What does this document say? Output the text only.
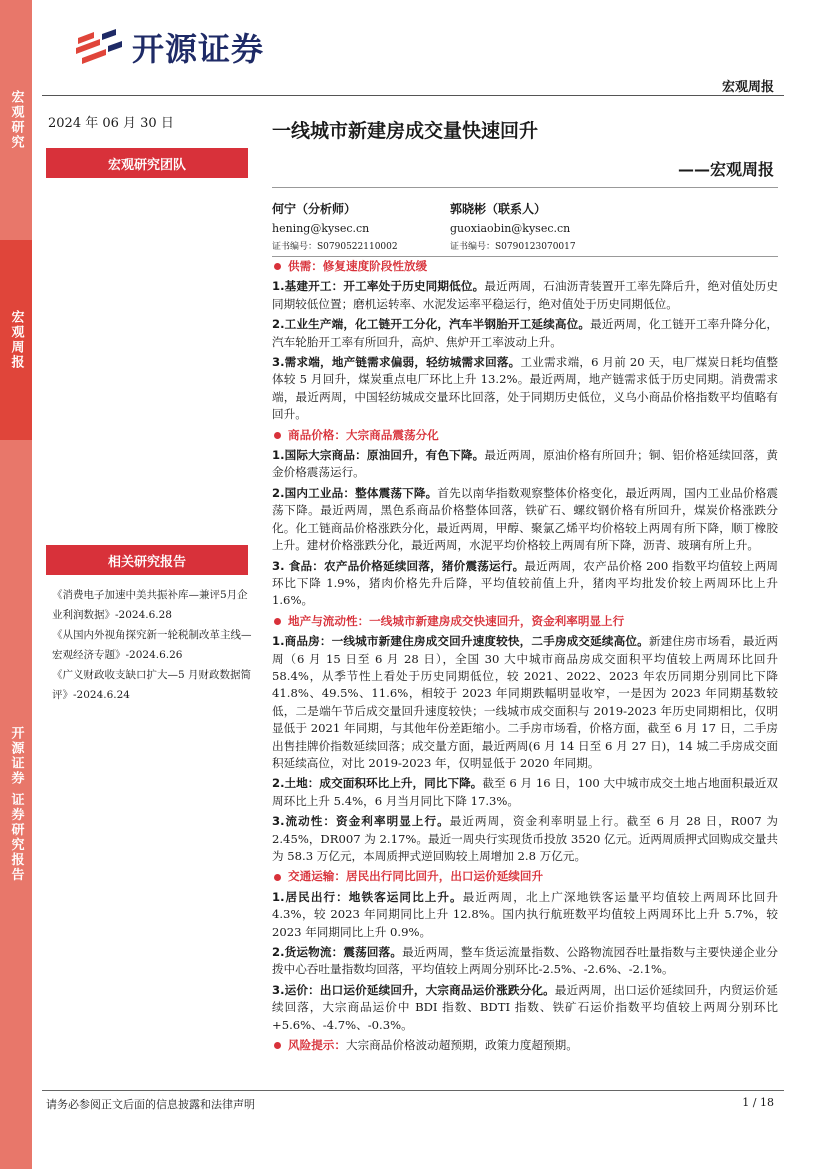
开源证券
宏观周报
宏观研究
宏观周报
开源证券 证券研究报告
2024 年 06 月 30 日
宏观研究团队
相关研究报告
《消费电子加速中美共振补库—兼评5月企业利润数据》-2024.6.28
《从国内外视角探究新一轮税制改革主线—宏观经济专题》-2024.6.26
《广义财政收支缺口扩大—5 月财政数据简评》-2024.6.24
一线城市新建房成交量快速回升
——宏观周报
何宁（分析师）
hening@kysec.cn
证书编号：S0790522110002
郭晓彬（联系人）
guoxiaobin@kysec.cn
证书编号：S0790123070017
供需：修复速度阶段性放缓

1.基建开工：开工率处于历史同期低位。最近两周，石油沥青装置开工率先降后升，绝对值处历史同期较低位置；磨机运转率、水泥发运率平稳运行，绝对值处于历史同期低位。

2.工业生产端，化工链开工分化，汽车半钢胎开工延续高位。最近两周，化工链开工率升降分化，汽车轮胎开工率有所回升，高炉、焦炉开工率波动上升。

3.需求端，地产链需求偏弱，轻纺城需求回落。工业需求端，6 月前 20 天，电厂煤炭日耗均值整体较 5 月回升，煤炭重点电厂环比上升 13.2%。最近两周，地产链需求低于历史同期。消费需求端，最近两周，中国轻纺城成交量环比回落，处于同期历史低位，义乌小商品价格指数平均值略有回升。

商品价格：大宗商品震荡分化

1.国际大宗商品：原油回升，有色下降。最近两周，原油价格有所回升；铜、铝价格延续回落，黄金价格震荡运行。

2.国内工业品：整体震荡下降。首先以南华指数观察整体价格变化，最近两周，国内工业品价格震荡下降。最近两周，黑色系商品价格整体回落，铁矿石、螺纹钢价格有所回升，煤炭价格涨跌分化。化工链商品价格涨跌分化，最近两周，甲醇、聚氯乙烯平均价格较上两周有所下降，顺丁橡胶上升。建材价格涨跌分化，最近两周，水泥平均价格较上两周有所下降，沥青、玻璃有所上升。

3. 食品：农产品价格延续回落，猪价震荡运行。最近两周，农产品价格 200 指数平均值较上两周环比下降 1.9%，猪肉价格先升后降，平均值较前值上升，猪肉平均批发价较上两周环比上升 1.6%。

地产与流动性：一线城市新建房成交快速回升，资金利率明显上行

1.商品房：一线城市新建住房成交回升速度较快，二手房成交延续高位。新建住房市场看，最近两周（6 月 15 日至 6 月 28 日），全国 30 大中城市商品房成交面积平均值较上两周环比回升 58.4%，从季节性上看处于历史同期低位，较 2021、2022、2023 年农历同期分别同比下降 41.8%、49.5%、11.6%，相较于 2023 年同期跌幅明显收窄，一是因为 2023 年同期基数较低，二是端午节后成交量回升速度较快；一线城市成交面积与 2019-2023 年历史同期相比，仅明显低于 2021 年同期，与其他年份差距缩小。二手房市场看，价格方面，截至 6 月 17 日，二手房出售挂牌价指数延续回落；成交量方面，最近两周(6 月 14 日至 6 月 27 日)，14 城二手房成交面积延续高位，对比 2019-2023 年，仅明显低于 2020 年同期。

2.土地：成交面积环比上升，同比下降。截至 6 月 16 日，100 大中城市成交土地占地面积最近双周环比上升 5.4%，6 月当月同比下降 17.3%。

3.流动性：资金利率明显上行。最近两周，资金利率明显上行。截至 6 月 28 日，R007 为 2.45%，DR007 为 2.17%。最近一周央行实现货币投放 3520 亿元。近两周质押式回购成交量共为 58.3 万亿元，本周质押式逆回购较上周增加 2.8 万亿元。

交通运输：居民出行同比回升，出口运价延续回升

1.居民出行：地铁客运同比上升。最近两周，北上广深地铁客运量平均值较上两周环比回升 4.3%，较 2023 年同期同比上升 12.8%。国内执行航班数平均值较上两周环比上升 5.7%，较 2023 年同期同比上升 0.9%。

2.货运物流：震荡回落。最近两周，整车货运流量指数、公路物流园吞吐量指数与主要快递企业分拨中心吞吐量指数均回落，平均值较上两周分别环比-2.5%、-2.6%、-2.1%。

3.运价：出口运价延续回升，大宗商品运价涨跌分化。最近两周，出口运价延续回升，内贸运价延续回落，大宗商品运价中 BDI 指数、BDTI 指数、铁矿石运价指数平均值较上两周分别环比+5.6%、-4.7%、-0.3%。

风险提示： 大宗商品价格波动超预期，政策力度超预期。
请务必参阅正文后面的信息披露和法律声明	1 / 18
